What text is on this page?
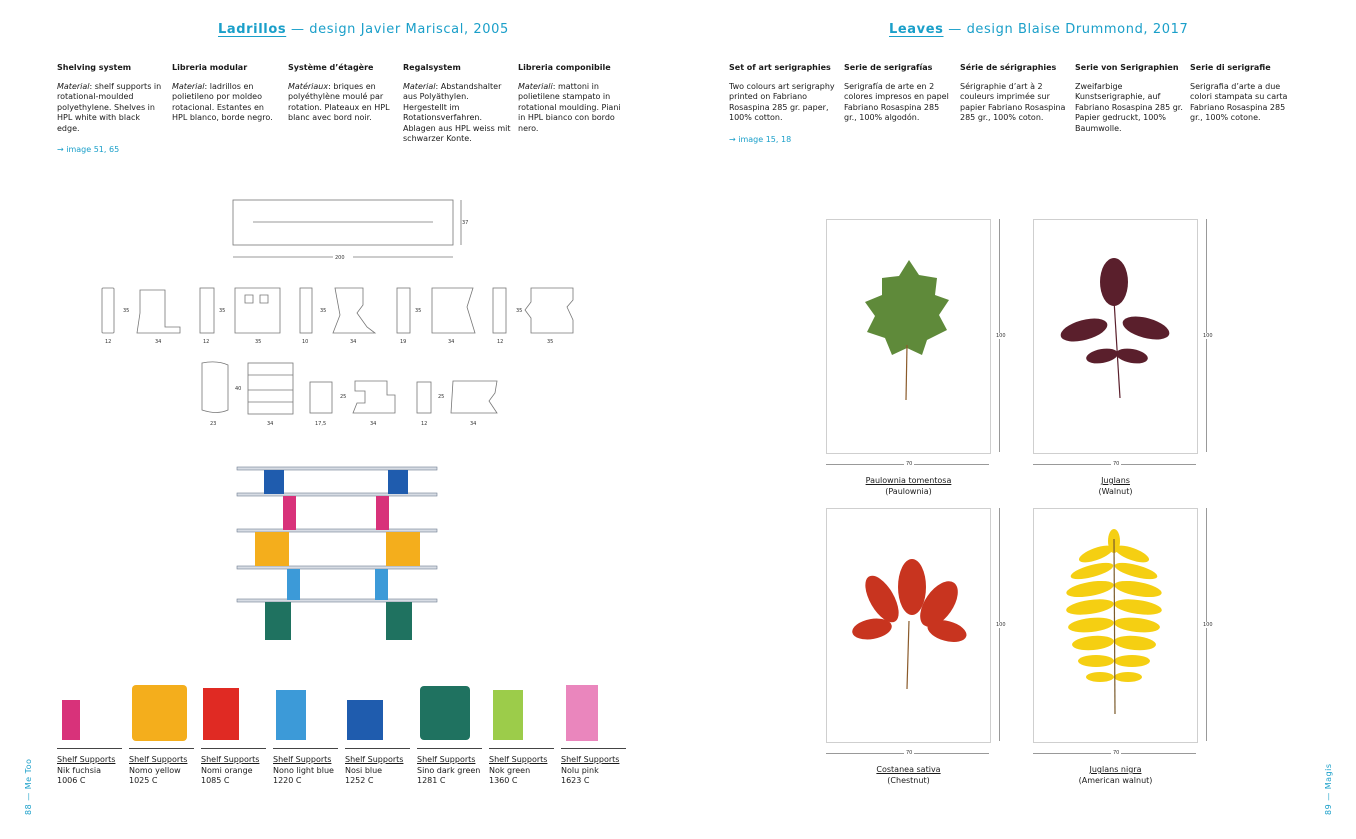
Ladrillos — design Javier Mariscal, 2005
Shelving system
Material: shelf supports in rotational-moulded polyethylene. Shelves in HPL white with black edge.
Libreria modular
Material: ladrillos en polietileno por moldeo rotacional. Estantes en HPL blanco, borde negro.
Système d’étagère
Matériaux: briques en polyéthylène moulé par rotation. Plateaux en HPL blanc avec bord noir.
Regalsystem
Material: Abstandshalter aus Polyäthylen. Hergestellt im Rotationsverfahren. Ablagen aus HPL weiss mit schwarzer Konte.
Libreria componibile
Materiali: mattoni in polietilene stampato in rotational moulding. Piani in HPL bianco con bordo nero.
→ image 51, 65
37
200
35	35	35	35	35
12	34	12	35	10	34	19	34	12	35
40
25	25
23	34	17,5	34	12	34
Shelf Supports
Nik fuchsia
1006 C
Shelf Supports
Nomo yellow
1025 C
Shelf Supports
Nomi orange
1085 C
Shelf Supports
Nono light blue
1220 C
Shelf Supports
Nosi blue
1252 C
Shelf Supports
Sino dark green
1281 C
Shelf Supports
Nok green
1360 C
Shelf Supports
Nolu pink
1623 C
88 — Me Too
Leaves — design Blaise Drummond, 2017
Set of art serigraphies
Two colours art serigraphy printed on Fabriano Rosaspina 285 gr. paper, 100% cotton.
Serie de serigrafías
Serigrafía de arte en 2 colores impresos en papel Fabriano Rosaspina 285 gr., 100% algodón.
Série de sérigraphies
Sérigraphie d’art à 2 couleurs imprimée sur papier Fabriano Rosaspina 285 gr., 100% coton.
Serie von Serigraphien
Zweifarbige Kunstserigraphie, auf Fabriano Rosaspina 285 gr. Papier gedruckt, 100% Baumwolle.
Serie di serigrafie
Serigrafia d’arte a due colori stampata su carta Fabriano Rosaspina 285 gr., 100% cotone.
→ image 15, 18
100
70
Paulownia tomentosa
(Paulownia)
100
70
Juglans
(Walnut)
100
70
Costanea sativa
(Chestnut)
100
70
Juglans nigra
(American walnut)	89 — Magis
